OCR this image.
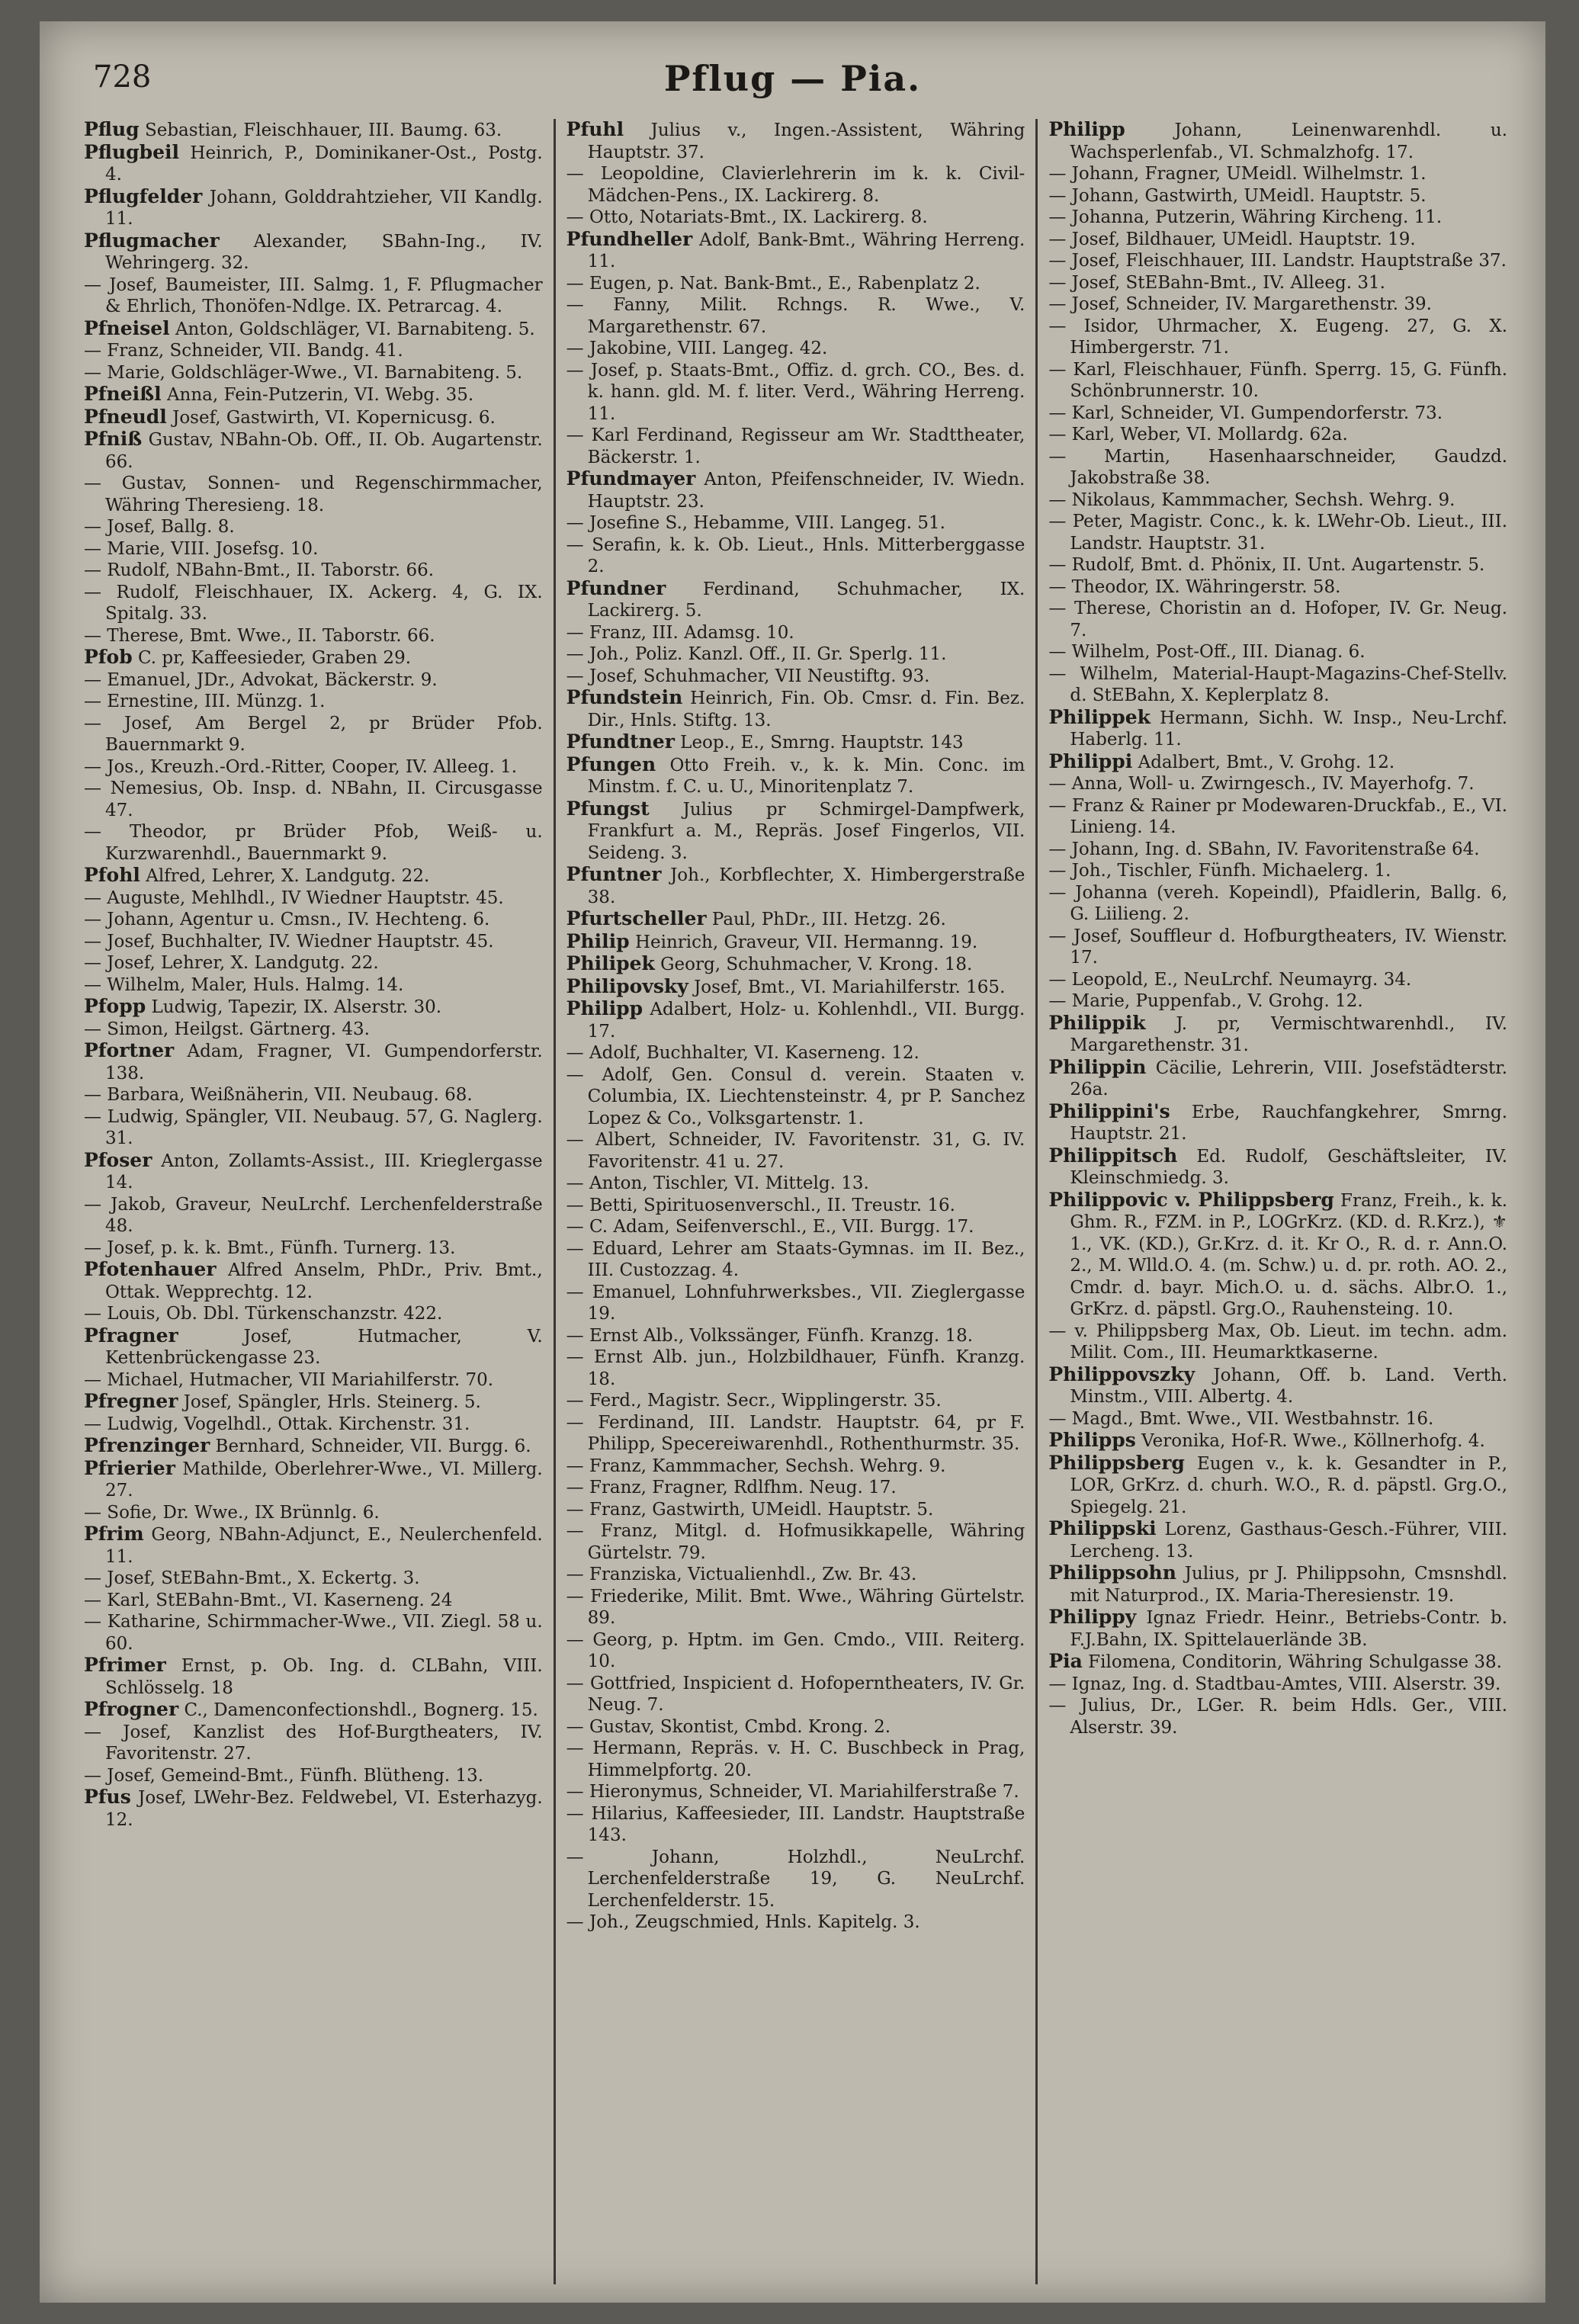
728	Pflug — Pia.

Pflug Sebastian, Fleischhauer, III. Baumg. 63.

Pflugbeil Heinrich, P., Dominikaner-Ost., Postg. 4.

Pflugfelder Johann, Golddrahtzieher, VII Kandlg. 11.

Pflugmacher Alexander, SBahn-Ing., IV. Wehringerg. 32.

— Josef, Baumeister, III. Salmg. 1, F. Pflugmacher & Ehrlich, Thonöfen-Ndlge. IX. Petrarcag. 4.

Pfneisel Anton, Goldschläger, VI. Barnabiteng. 5.

— Franz, Schneider, VII. Bandg. 41.

— Marie, Goldschläger-Wwe., VI. Barnabiteng. 5.

Pfneißl Anna, Fein-Putzerin, VI. Webg. 35.

Pfneudl Josef, Gastwirth, VI. Kopernicusg. 6.

Pfniß Gustav, NBahn-Ob. Off., II. Ob. Augartenstr. 66.

— Gustav, Sonnen- und Regenschirmmacher, Währing Theresieng. 18.

— Josef, Ballg. 8.

— Marie, VIII. Josefsg. 10.

— Rudolf, NBahn-Bmt., II. Taborstr. 66.

— Rudolf, Fleischhauer, IX. Ackerg. 4, G. IX. Spitalg. 33.

— Therese, Bmt. Wwe., II. Taborstr. 66.

Pfob C. pr, Kaffeesieder, Graben 29.

— Emanuel, JDr., Advokat, Bäckerstr. 9.

— Ernestine, III. Münzg. 1.

— Josef, Am Bergel 2, pr Brüder Pfob. Bauernmarkt 9.

— Jos., Kreuzh.-Ord.-Ritter, Cooper, IV. Alleeg. 1.

— Nemesius, Ob. Insp. d. NBahn, II. Circusgasse 47.

— Theodor, pr Brüder Pfob, Weiß- u. Kurzwarenhdl., Bauernmarkt 9.

Pfohl Alfred, Lehrer, X. Landgutg. 22.

— Auguste, Mehlhdl., IV Wiedner Hauptstr. 45.

— Johann, Agentur u. Cmsn., IV. Hechteng. 6.

— Josef, Buchhalter, IV. Wiedner Hauptstr. 45.

— Josef, Lehrer, X. Landgutg. 22.

— Wilhelm, Maler, Huls. Halmg. 14.

Pfopp Ludwig, Tapezir, IX. Alserstr. 30.

— Simon, Heilgst. Gärtnerg. 43.

Pfortner Adam, Fragner, VI. Gumpendorferstr. 138.

— Barbara, Weißnäherin, VII. Neubaug. 68.

— Ludwig, Spängler, VII. Neubaug. 57, G. Naglerg. 31.

Pfoser Anton, Zollamts-Assist., III. Krieglergasse 14.

— Jakob, Graveur, NeuLrchf. Lerchenfelderstraße 48.

— Josef, p. k. k. Bmt., Fünfh. Turnerg. 13.

Pfotenhauer Alfred Anselm, PhDr., Priv. Bmt., Ottak. Wepprechtg. 12.

— Louis, Ob. Dbl. Türkenschanzstr. 422.

Pfragner	Josef, Hutmacher, V. Kettenbrückengasse 23.

— Michael, Hutmacher, VII Mariahilferstr. 70.

Pfregner Josef, Spängler, Hrls. Steinerg. 5.

— Ludwig, Vogelhdl., Ottak. Kirchenstr. 31.

Pfrenzinger Bernhard, Schneider, VII. Burgg. 6.

Pfrierier Mathilde, Oberlehrer-Wwe., VI. Millerg. 27.

— Sofie, Dr. Wwe., IX Brünnlg. 6.

Pfrim Georg, NBahn-Adjunct, E., Neulerchenfeld. 11.

— Josef, StEBahn-Bmt., X. Eckertg. 3.

— Karl, StEBahn-Bmt., VI. Kaserneng. 24

— Katharine, Schirmmacher-Wwe., VII. Ziegl. 58 u. 60.

Pfrimer Ernst, p. Ob. Ing. d. CLBahn, VIII. Schlösselg. 18

Pfrogner C., Damenconfectionshdl., Bognerg. 15.

— Josef, Kanzlist des Hof-Burgtheaters, IV. Favoritenstr. 27.

— Josef, Gemeind-Bmt., Fünfh. Blütheng. 13.

Pfus Josef, LWehr-Bez. Feldwebel, VI. Esterhazyg. 12.

Pfuhl Julius v., Ingen.-Assistent, Währing Hauptstr. 37.

— Leopoldine, Clavierlehrerin im k. k. Civil-Mädchen-Pens., IX. Lackirerg. 8.

— Otto, Notariats-Bmt., IX. Lackirerg. 8.

Pfundheller Adolf, Bank-Bmt., Währing Herreng. 11.

— Eugen, p. Nat. Bank-Bmt., E., Rabenplatz 2.

— Fanny, Milit. Rchngs. R. Wwe., V. Margarethenstr. 67.

— Jakobine, VIII. Langeg. 42.

— Josef, p. Staats-Bmt., Offiz. d. grch. CO., Bes. d. k. hann. gld. M. f. liter. Verd., Währing Herreng. 11.

— Karl Ferdinand, Regisseur am Wr. Stadttheater, Bäckerstr. 1.

Pfundmayer Anton, Pfeifenschneider, IV. Wiedn. Hauptstr. 23.

— Josefine S., Hebamme, VIII. Langeg. 51.

— Serafin, k. k. Ob. Lieut., Hnls. Mitterberggasse 2.

Pfundner Ferdinand, Schuhmacher, IX. Lackirerg. 5.

— Franz, III. Adamsg. 10.

— Joh., Poliz. Kanzl. Off., II. Gr. Sperlg. 11.

— Josef, Schuhmacher, VII Neustiftg. 93.

Pfundstein Heinrich, Fin. Ob. Cmsr. d. Fin. Bez. Dir., Hnls. Stiftg. 13.

Pfundtner Leop., E., Smrng. Hauptstr. 143

Pfungen Otto Freih. v., k. k. Min. Conc. im Minstm. f. C. u. U., Minoritenplatz 7.

Pfungst Julius pr Schmirgel-Dampfwerk, Frankfurt a. M., Repräs. Josef Fingerlos, VII. Seideng. 3.

Pfuntner Joh., Korbflechter, X. Himbergerstraße 38.

Pfurtscheller Paul, PhDr., III. Hetzg. 26.

Philip Heinrich, Graveur, VII. Hermanng. 19.

Philipek Georg, Schuhmacher, V. Krong. 18.

Philipovsky Josef, Bmt., VI. Mariahilferstr. 165.

Philipp Adalbert, Holz- u. Kohlenhdl., VII. Burgg. 17.

— Adolf, Buchhalter, VI. Kaserneng. 12.

— Adolf, Gen. Consul d. verein. Staaten v. Columbia, IX. Liechtensteinstr. 4, pr P. Sanchez Lopez & Co., Volksgartenstr. 1.

— Albert, Schneider, IV. Favoritenstr. 31, G. IV. Favoritenstr. 41 u. 27.

— Anton, Tischler, VI. Mittelg. 13.

— Betti, Spirituosenverschl., II. Treustr. 16.

— C. Adam, Seifenverschl., E., VII. Burgg. 17.

— Eduard, Lehrer am Staats-Gymnas. im II. Bez., III. Custozzag. 4.

— Emanuel, Lohnfuhrwerksbes., VII. Zieglergasse 19.

— Ernst Alb., Volkssänger, Fünfh. Kranzg. 18.

— Ernst Alb. jun., Holzbildhauer, Fünfh. Kranzg. 18.

— Ferd., Magistr. Secr., Wipplingerstr. 35.

— Ferdinand, III. Landstr. Hauptstr. 64, pr F. Philipp, Specereiwarenhdl., Rothenthurmstr. 35.

— Franz, Kammmacher, Sechsh. Wehrg. 9.

— Franz, Fragner, Rdlfhm. Neug. 17.

— Franz, Gastwirth, UMeidl. Hauptstr. 5.

— Franz, Mitgl. d. Hofmusikkapelle, Währing Gürtelstr. 79.

— Franziska, Victualienhdl., Zw. Br. 43.

— Friederike, Milit. Bmt. Wwe., Währing Gürtelstr. 89.

— Georg, p. Hptm. im Gen. Cmdo., VIII. Reiterg. 10.

— Gottfried, Inspicient d. Hofoperntheaters, IV. Gr. Neug. 7.

— Gustav, Skontist, Cmbd. Krong. 2.

— Hermann, Repräs. v. H. C. Buschbeck in Prag, Himmelpfortg. 20.

— Hieronymus, Schneider, VI. Mariahilferstraße 7.

— Hilarius, Kaffeesieder, III. Landstr. Hauptstraße 143.

— Johann,	Holzhdl., NeuLrchf. Lerchenfelderstraße 19, G. NeuLrchf. Lerchenfelderstr. 15.

— Joh., Zeugschmied, Hnls. Kapitelg. 3.

Philipp	Johann, Leinenwarenhdl. u. Wachsperlenfab., VI. Schmalzhofg. 17.

— Johann, Fragner, UMeidl. Wilhelmstr. 1.

— Johann, Gastwirth, UMeidl. Hauptstr. 5.

— Johanna, Putzerin, Währing Kircheng. 11.

— Josef, Bildhauer, UMeidl. Hauptstr. 19.

— Josef, Fleischhauer, III. Landstr. Hauptstraße 37.

— Josef, StEBahn-Bmt., IV. Alleeg. 31.

— Josef, Schneider, IV. Margarethenstr. 39.

— Isidor, Uhrmacher, X. Eugeng. 27, G. X. Himbergerstr. 71.

— Karl, Fleischhauer, Fünfh. Sperrg. 15, G. Fünfh. Schönbrunnerstr. 10.

— Karl, Schneider, VI. Gumpendorferstr. 73.

— Karl, Weber, VI. Mollardg. 62a.

— Martin, Hasenhaarschneider, Gaudzd. Jakobstraße 38.

— Nikolaus, Kammmacher, Sechsh. Wehrg. 9.

— Peter, Magistr. Conc., k. k. LWehr-Ob. Lieut., III. Landstr. Hauptstr. 31.

— Rudolf, Bmt. d. Phönix, II. Unt. Augartenstr. 5.

— Theodor, IX. Währingerstr. 58.

— Therese, Choristin an d. Hofoper, IV. Gr. Neug. 7.

— Wilhelm, Post-Off., III. Dianag. 6.

— Wilhelm, Material-Haupt-Magazins-Chef-Stellv. d. StEBahn, X. Keplerplatz 8.

Philippek Hermann, Sichh. W. Insp., Neu-Lrchf. Haberlg. 11.

Philippi Adalbert, Bmt., V. Grohg. 12.

— Anna, Woll- u. Zwirngesch., IV. Mayerhofg. 7.

— Franz & Rainer pr Modewaren-Druckfab., E., VI. Linieng. 14.

— Johann, Ing. d. SBahn, IV. Favoritenstraße 64.

— Joh., Tischler, Fünfh. Michaelerg. 1.

— Johanna (vereh. Kopeindl), Pfaidlerin, Ballg. 6, G. Liilieng. 2.

— Josef, Souffleur d. Hofburgtheaters, IV. Wienstr. 17.

— Leopold, E., NeuLrchf. Neumayrg. 34.

— Marie, Puppenfab., V. Grohg. 12.

Philippik J. pr, Vermischtwarenhdl., IV. Margarethenstr. 31.

Philippin Cäcilie, Lehrerin, VIII. Josefstädterstr. 26a.

Philippini's Erbe, Rauchfangkehrer, Smrng. Hauptstr. 21.

Philippitsch Ed. Rudolf, Geschäftsleiter, IV. Kleinschmiedg. 3.

Philippovic v. Philippsberg Franz, Freih., k. k. Ghm. R., FZM. in P., LOGrKrz. (KD. d. R.Krz.), ⚜ 1., VK. (KD.), Gr.Krz. d. it. Kr O., R. d. r. Ann.O. 2., M. Wlld.O. 4. (m. Schw.) u. d. pr. roth. AO. 2., Cmdr. d. bayr. Mich.O. u. d. sächs. Albr.O. 1., GrKrz. d. päpstl. Grg.O., Rauhensteing. 10.

— v. Philippsberg Max, Ob. Lieut. im techn. adm. Milit. Com., III. Heumarktkaserne.

Philippovszky Johann, Off. b. Land. Verth. Minstm., VIII. Albertg. 4.

— Magd., Bmt. Wwe., VII. Westbahnstr. 16.

Philipps Veronika, Hof-R. Wwe., Köllnerhofg. 4.

Philippsberg Eugen v., k. k. Gesandter in P., LOR, GrKrz. d. churh. W.O., R. d. päpstl. Grg.O., Spiegelg. 21.

Philippski Lorenz, Gasthaus-Gesch.-Führer, VIII. Lercheng. 13.

Philippsohn Julius, pr J. Philippsohn, Cmsnshdl. mit Naturprod., IX. Maria-Theresienstr. 19.

Philippy Ignaz Friedr. Heinr., Betriebs-Contr. b. F.J.Bahn, IX. Spittelauerlände 3B.

Pia Filomena, Conditorin, Währing Schulgasse 38.

— Ignaz, Ing. d. Stadtbau-Amtes, VIII. Alserstr. 39.

— Julius, Dr., LGer. R. beim Hdls. Ger., VIII. Alserstr. 39.
